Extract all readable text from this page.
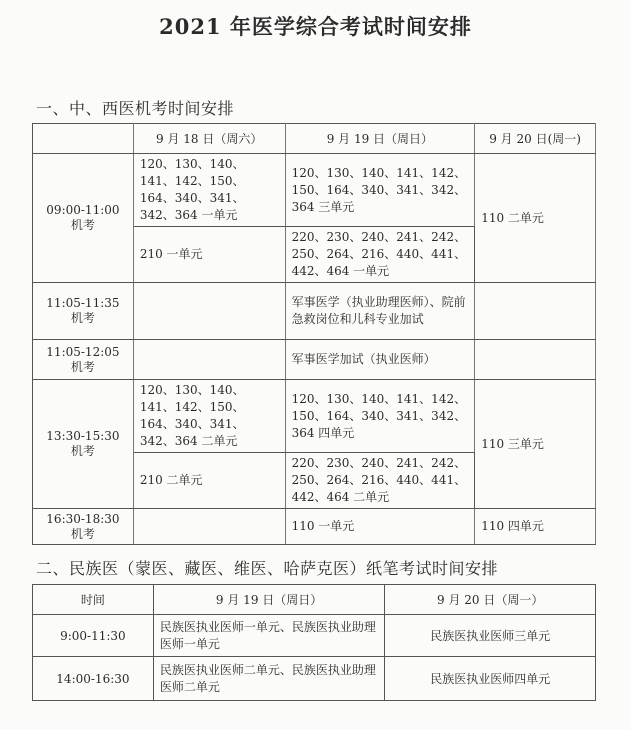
2021 年医学综合考试时间安排
一、中、西医机考时间安排
	9 月 18 日（周六）	9 月 19 日（周日）	9 月 20 日(周一)

09:00-11:00
机考	120、130、140、141、142、150、164、340、341、342、364 一单元	120、130、140、141、142、150、164、340、341、342、364 三单元	110 二单元

	210 一单元	220、230、240、241、242、250、264、216、440、441、442、464 一单元	

11:05-11:35
机考		军事医学（执业助理医师）、院前急救岗位和儿科专业加试	

11:05-12:05
机考		军事医学加试（执业医师）	

13:30-15:30
机考	120、130、140、141、142、150、164、340、341、342、364 二单元	120、130、140、141、142、150、164、340、341、342、364 四单元	110 三单元

	210 二单元	220、230、240、241、242、250、264、216、440、441、442、464 二单元	

16:30-18:30
机考		110 一单元	110 四单元
二、民族医（蒙医、藏医、维医、哈萨克医）纸笔考试时间安排
时间	9 月 19 日（周日）	9 月 20 日（周一）
9:00-11:30	民族医执业医师一单元、民族医执业助理医师一单元	民族医执业医师三单元
14:00-16:30	民族医执业医师二单元、民族医执业助理医师二单元	民族医执业医师四单元
